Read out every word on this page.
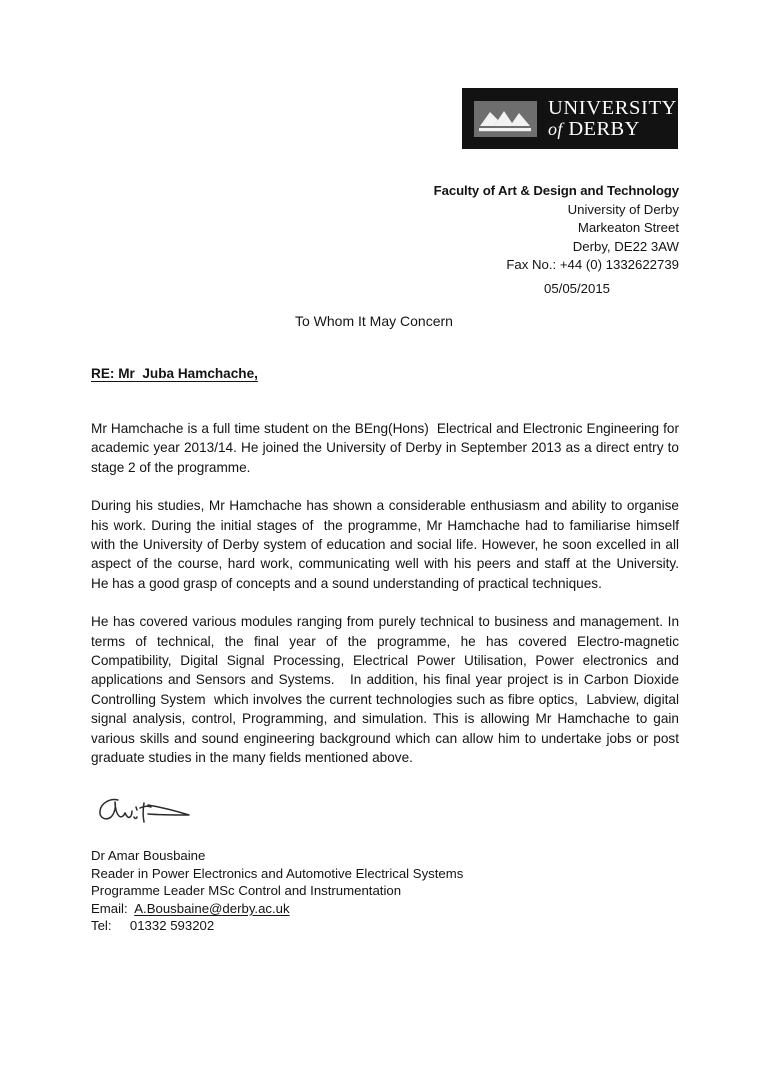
UNIVERSITY
of DERBY
Faculty of Art & Design and Technology
University of Derby
Markeaton Street
Derby, DE22 3AW
Fax No.: +44 (0) 1332622739
05/05/2015
To Whom It May Concern
RE: Mr  Juba Hamchache,

Mr Hamchache is a full time student on the BEng(Hons)  Electrical and Electronic Engineering for academic year 2013/14. He joined the University of Derby in September 2013 as a direct entry to stage 2 of the programme.

During his studies, Mr Hamchache has shown a considerable enthusiasm and ability to organise his work. During the initial stages of  the programme, Mr Hamchache had to familiarise himself with the University of Derby system of education and social life. However, he soon excelled in all aspect of the course, hard work, communicating well with his peers and staff at the University.   He has a good grasp of concepts and a sound understanding of practical techniques.

He has covered various modules ranging from purely technical to business and management. In terms of technical, the final year of the programme, he has covered Electro-magnetic Compatibility, Digital Signal Processing, Electrical Power Utilisation, Power electronics and applications and Sensors and Systems.   In addition, his final year project is in Carbon Dioxide Controlling System  which involves the current technologies such as fibre optics,  Labview, digital signal analysis, control, Programming, and simulation. This is allowing Mr Hamchache to gain various skills and sound engineering background which can allow him to undertake jobs or post graduate studies in the many fields mentioned above.

Dr Amar Bousbaine
Reader in Power Electronics and Automotive Electrical Systems
Programme Leader MSc Control and Instrumentation
Email: A.Bousbaine@derby.ac.uk
Tel: 01332 593202
